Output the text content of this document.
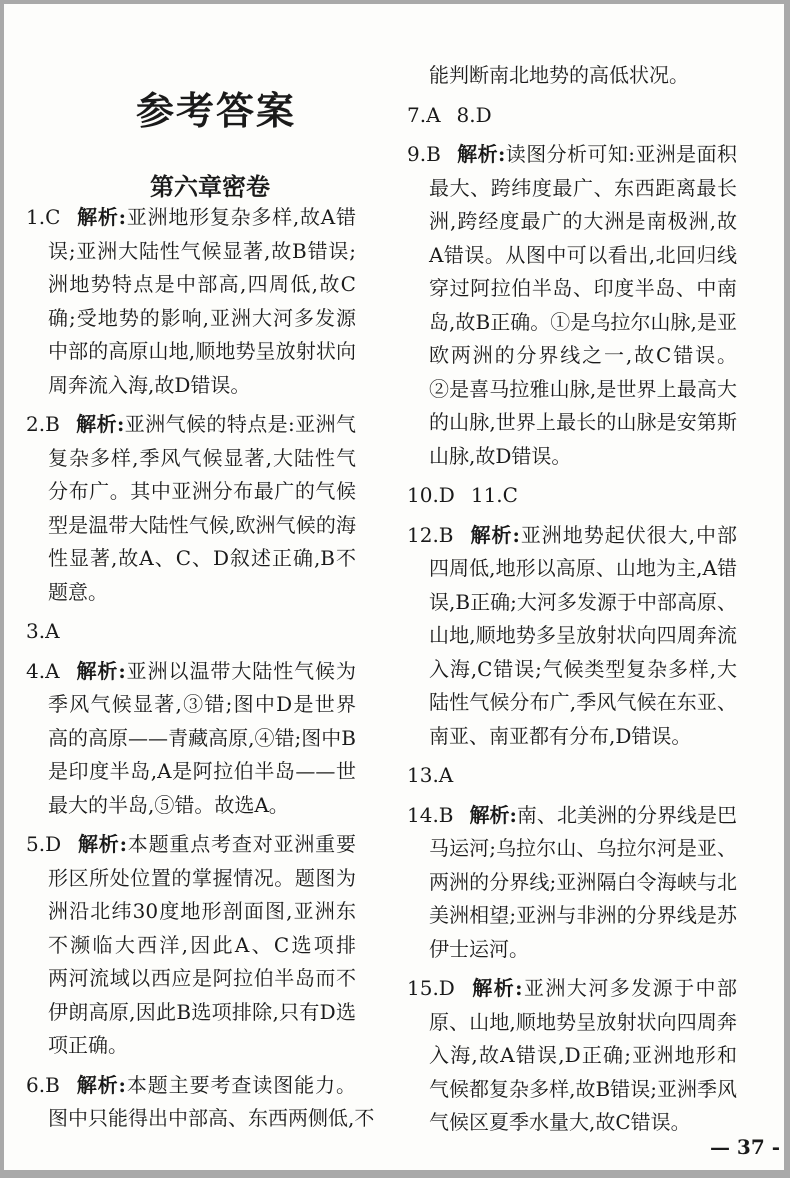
参考答案
第六章密卷
1.C 解析:亚洲地形复杂多样,故A错
误;亚洲大陆性气候显著,故B错误;
洲地势特点是中部高,四周低,故C
确;受地势的影响,亚洲大河多发源
中部的高原山地,顺地势呈放射状向
周奔流入海,故D错误。
2.B 解析:亚洲气候的特点是:亚洲气
复杂多样,季风气候显著,大陆性气
分布广。其中亚洲分布最广的气候
型是温带大陆性气候,欧洲气候的海
性显著,故A、C、D叙述正确,B不
题意。
3.A
4.A 解析:亚洲以温带大陆性气候为
季风气候显著,③错;图中D是世界
高的高原——青藏高原,④错;图中B
是印度半岛,A是阿拉伯半岛——世
最大的半岛,⑤错。故选A。
5.D 解析:本题重点考查对亚洲重要
形区所处位置的掌握情况。题图为
洲沿北纬30度地形剖面图,亚洲东
不濒临大西洋,因此A、C选项排
两河流域以西应是阿拉伯半岛而不
伊朗高原,因此B选项排除,只有D选
项正确。
6.B 解析:本题主要考查读图能力。
图中只能得出中部高、东西两侧低,不
能判断南北地势的高低状况。
7.A 8.D
9.B 解析:读图分析可知:亚洲是面积
最大、跨纬度最广、东西距离最长
洲,跨经度最广的大洲是南极洲,故
A错误。从图中可以看出,北回归线
穿过阿拉伯半岛、印度半岛、中南
岛,故B正确。①是乌拉尔山脉,是亚
欧两洲的分界线之一,故C错误。
②是喜马拉雅山脉,是世界上最高大
的山脉,世界上最长的山脉是安第斯
山脉,故D错误。
10.D 11.C
12.B 解析:亚洲地势起伏很大,中部
四周低,地形以高原、山地为主,A错
误,B正确;大河多发源于中部高原、
山地,顺地势多呈放射状向四周奔流
入海,C错误;气候类型复杂多样,大
陆性气候分布广,季风气候在东亚、
南亚、南亚都有分布,D错误。
13.A
14.B 解析:南、北美洲的分界线是巴
马运河;乌拉尔山、乌拉尔河是亚、
两洲的分界线;亚洲隔白令海峡与北
美洲相望;亚洲与非洲的分界线是苏
伊士运河。
15.D 解析:亚洲大河多发源于中部
原、山地,顺地势呈放射状向四周奔
入海,故A错误,D正确;亚洲地形和
气候都复杂多样,故B错误;亚洲季风
气候区夏季水量大,故C错误。
— 37 -
